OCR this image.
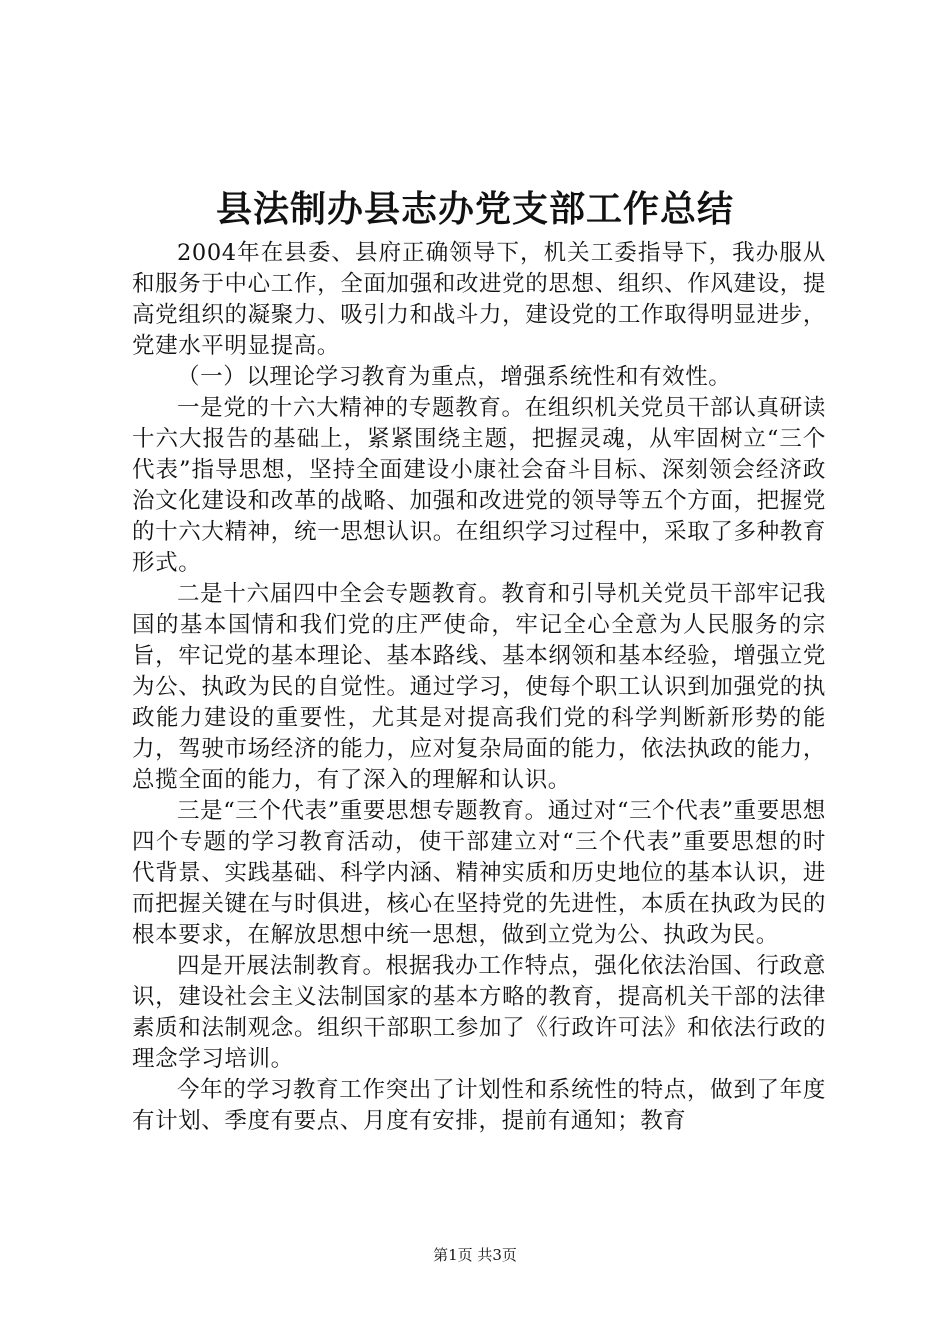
县法制办县志办党支部工作总结

2004年在县委、县府正确领导下，机关工委指导下，我办服从和服务于中心工作，全面加强和改进党的思想、组织、作风建设，提高党组织的凝聚力、吸引力和战斗力，建设党的工作取得明显进步，党建水平明显提高。

（一）以理论学习教育为重点，增强系统性和有效性。

一是党的十六大精神的专题教育。在组织机关党员干部认真研读十六大报告的基础上，紧紧围绕主题，把握灵魂，从牢固树立“三个代表”指导思想，坚持全面建设小康社会奋斗目标、深刻领会经济政治文化建设和改革的战略、加强和改进党的领导等五个方面，把握党的十六大精神，统一思想认识。在组织学习过程中，采取了多种教育形式。

二是十六届四中全会专题教育。教育和引导机关党员干部牢记我国的基本国情和我们党的庄严使命，牢记全心全意为人民服务的宗旨，牢记党的基本理论、基本路线、基本纲领和基本经验，增强立党为公、执政为民的自觉性。通过学习，使每个职工认识到加强党的执政能力建设的重要性，尤其是对提高我们党的科学判断新形势的能力，驾驶市场经济的能力，应对复杂局面的能力，依法执政的能力，总揽全面的能力，有了深入的理解和认识。

三是“三个代表”重要思想专题教育。通过对“三个代表”重要思想四个专题的学习教育活动，使干部建立对“三个代表”重要思想的时代背景、实践基础、科学内涵、精神实质和历史地位的基本认识，进而把握关键在与时俱进，核心在坚持党的先进性，本质在执政为民的根本要求，在解放思想中统一思想，做到立党为公、执政为民。

四是开展法制教育。根据我办工作特点，强化依法治国、行政意识，建设社会主义法制国家的基本方略的教育，提高机关干部的法律素质和法制观念。组织干部职工参加了《行政许可法》和依法行政的理念学习培训。

今年的学习教育工作突出了计划性和系统性的特点，做到了年度有计划、季度有要点、月度有安排，提前有通知；教育

第1页 共3页
